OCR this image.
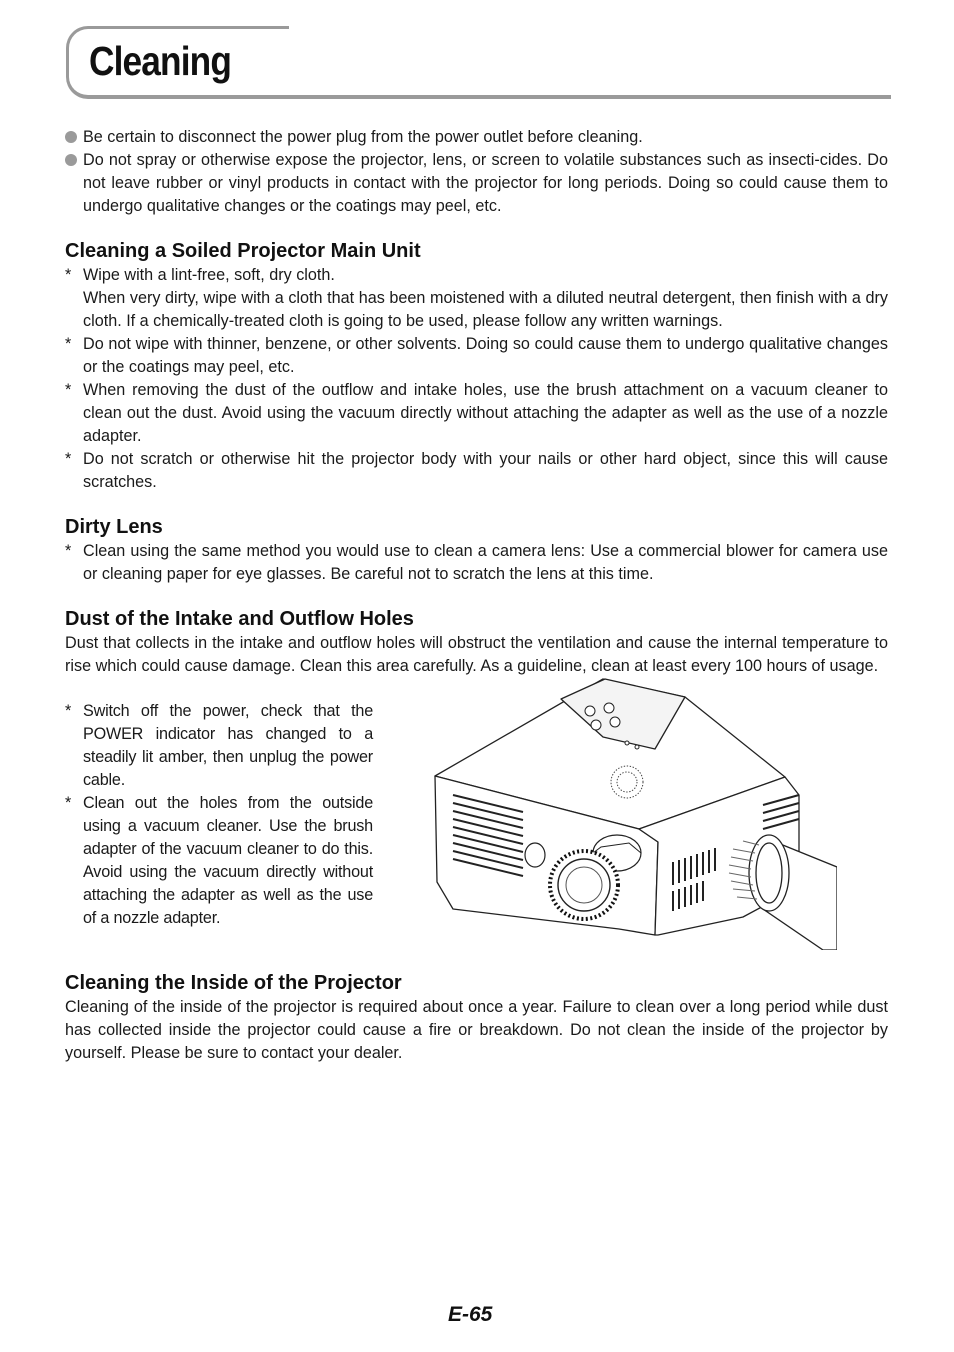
Cleaning
Be certain to disconnect the power plug from the power outlet before cleaning.
Do not spray or otherwise expose the projector, lens, or screen to volatile substances such as insecti-cides. Do not leave rubber or vinyl products in contact with the projector for long periods. Doing so could cause them to undergo qualitative changes or the coatings may peel, etc.
Cleaning a Soiled Projector Main Unit
* Wipe with a lint-free, soft, dry cloth.
When very dirty, wipe with a cloth that has been moistened with a diluted neutral detergent, then finish with a dry cloth. If a chemically-treated cloth is going to be used, please follow any written warnings.
* Do not wipe with thinner, benzene, or other solvents. Doing so could cause them to undergo qualitative changes or the coatings may peel, etc.
* When removing the dust of the outflow and intake holes, use the brush attachment on a vacuum cleaner to clean out the dust. Avoid using the vacuum directly without attaching the adapter as well as the use of a nozzle adapter.
* Do not scratch or otherwise hit the projector body with your nails or other hard object, since this will cause scratches.
Dirty Lens
* Clean using the same method you would use to clean a camera lens: Use a commercial blower for camera use or cleaning paper for eye glasses. Be careful not to scratch the lens at this time.
Dust of the Intake and Outflow Holes

Dust that collects in the intake and outflow holes will obstruct the ventilation and cause the internal temperature to rise which could cause damage. Clean this area carefully. As a guideline, clean at least every 100 hours of usage.

* Switch off the power, check that the POWER indicator has changed to a steadily lit amber, then unplug the power cable.
* Clean out the holes from the outside using a vacuum cleaner. Use the brush adapter of the vacuum cleaner to do this. Avoid using the vacuum directly without attaching the adapter as well as the use of a nozzle adapter.
Cleaning the Inside of the Projector

Cleaning of the inside of the projector is required about once a year. Failure to clean over a long period while dust has collected inside the projector could cause a fire or breakdown. Do not clean the inside of the projector by yourself. Please be sure to contact your dealer.

E-65
